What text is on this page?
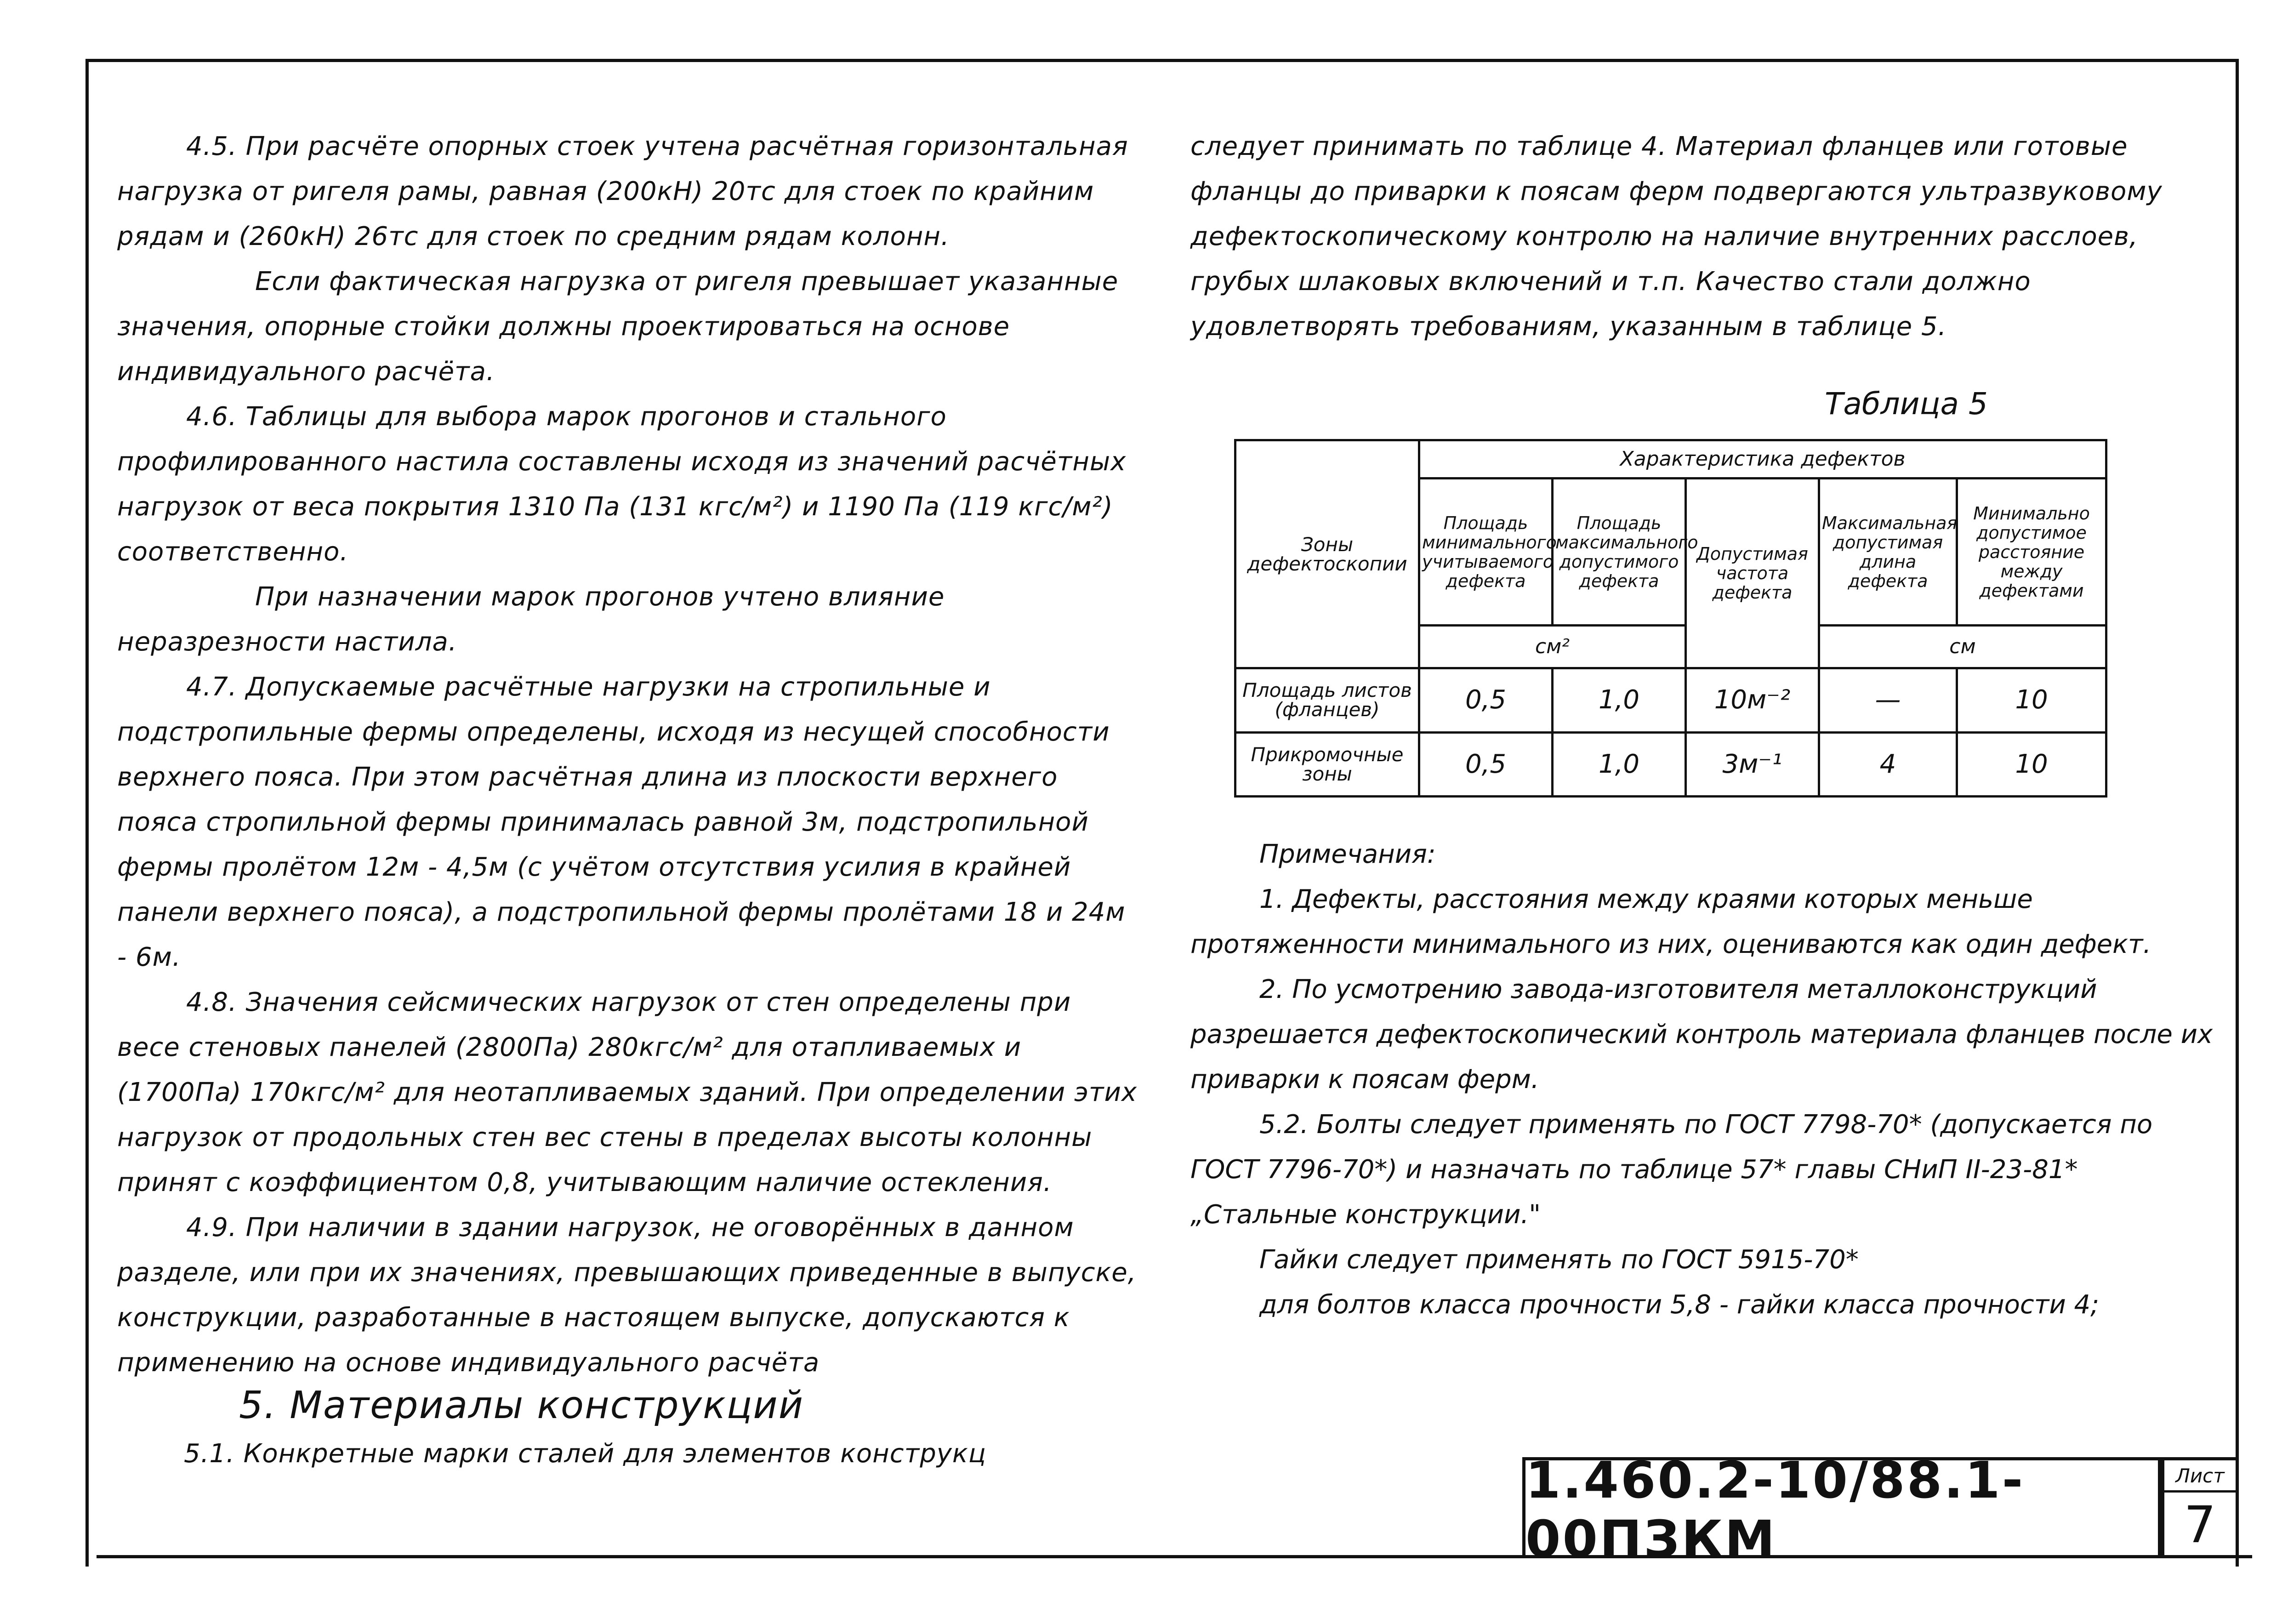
4.5. При расчёте опорных стоек учтена расчётная горизонтальная нагрузка от ригеля рамы, равная (200кН) 20тс для стоек по крайним рядам и (260кН) 26тс для стоек по средним рядам колонн.

Если фактическая нагрузка от ригеля превышает указанные значения, опорные стойки должны проектироваться на основе индивидуального расчёта.

4.6. Таблицы для выбора марок прогонов и стального профилированного настила составлены исходя из значений расчётных нагрузок от веса покрытия 1310 Па (131 кгс/м²) и 1190 Па (119 кгс/м²) соответственно.

При назначении марок прогонов учтено влияние неразрезности настила.

4.7. Допускаемые расчётные нагрузки на стропильные и подстропильные фермы определены, исходя из несущей способности верхнего пояса. При этом расчётная длина из плоскости верхнего пояса стропильной фермы принималась равной 3м, подстропильной фермы пролётом 12м - 4,5м (с учётом отсутствия усилия в крайней панели верхнего пояса), а подстропильной фермы пролётами 18 и 24м - 6м.

4.8. Значения сейсмических нагрузок от стен определены при весе стеновых панелей (2800Па) 280кгс/м² для отапливаемых и (1700Па) 170кгс/м² для неотапливаемых зданий. При определении этих нагрузок от продольных стен вес стены в пределах высоты колонны принят с коэффициентом 0,8, учитывающим наличие остекления.

4.9. При наличии в здании нагрузок, не оговорённых в данном разделе, или при их значениях, превышающих приведенные в выпуске, конструкции, разработанные в настоящем выпуске, допускаются к применению на основе индивидуального расчёта

5. Материалы конструкций
5.1. Конкретные марки сталей для элементов конструкц

следует принимать по таблице 4. Материал фланцев или готовые фланцы до приварки к поясам ферм подвергаются ультразвуковому дефектоскопическому контролю на наличие внутренних расслоев, грубых шлаковых включений и т.п. Качество стали должно удовлетворять требованиям, указанным в таблице 5.

Таблица 5
Зоны дефектоскопии	Характеристика дефектов				
	Площадь минимального учитываемого дефекта	Площадь максимального допустимого дефекта	Допустимая частота дефекта	Максимальная допустимая длина дефекта	Минимально допустимое расстояние между дефектами
	см²			см	
Площадь листов (фланцев)	0,5	1,0	10м⁻²	—	10
Прикромочные зоны	0,5	1,0	3м⁻¹	4	10

Примечания:

1. Дефекты, расстояния между краями которых меньше протяженности минимального из них, оцениваются как один дефект.

2. По усмотрению завода-изготовителя металлоконструкций разрешается дефектоскопический контроль материала фланцев после их приварки к поясам ферм.

5.2. Болты следует применять по ГОСТ 7798-70* (допускается по ГОСТ 7796-70*) и назначать по таблице 57* главы СНиП II-23-81* „Стальные конструкции."

Гайки следует применять по ГОСТ 5915-70*

для болтов класса прочности 5,8 - гайки класса прочности 4;

1.460.2-10/88.1-00ПЗКМ
Лист
7
